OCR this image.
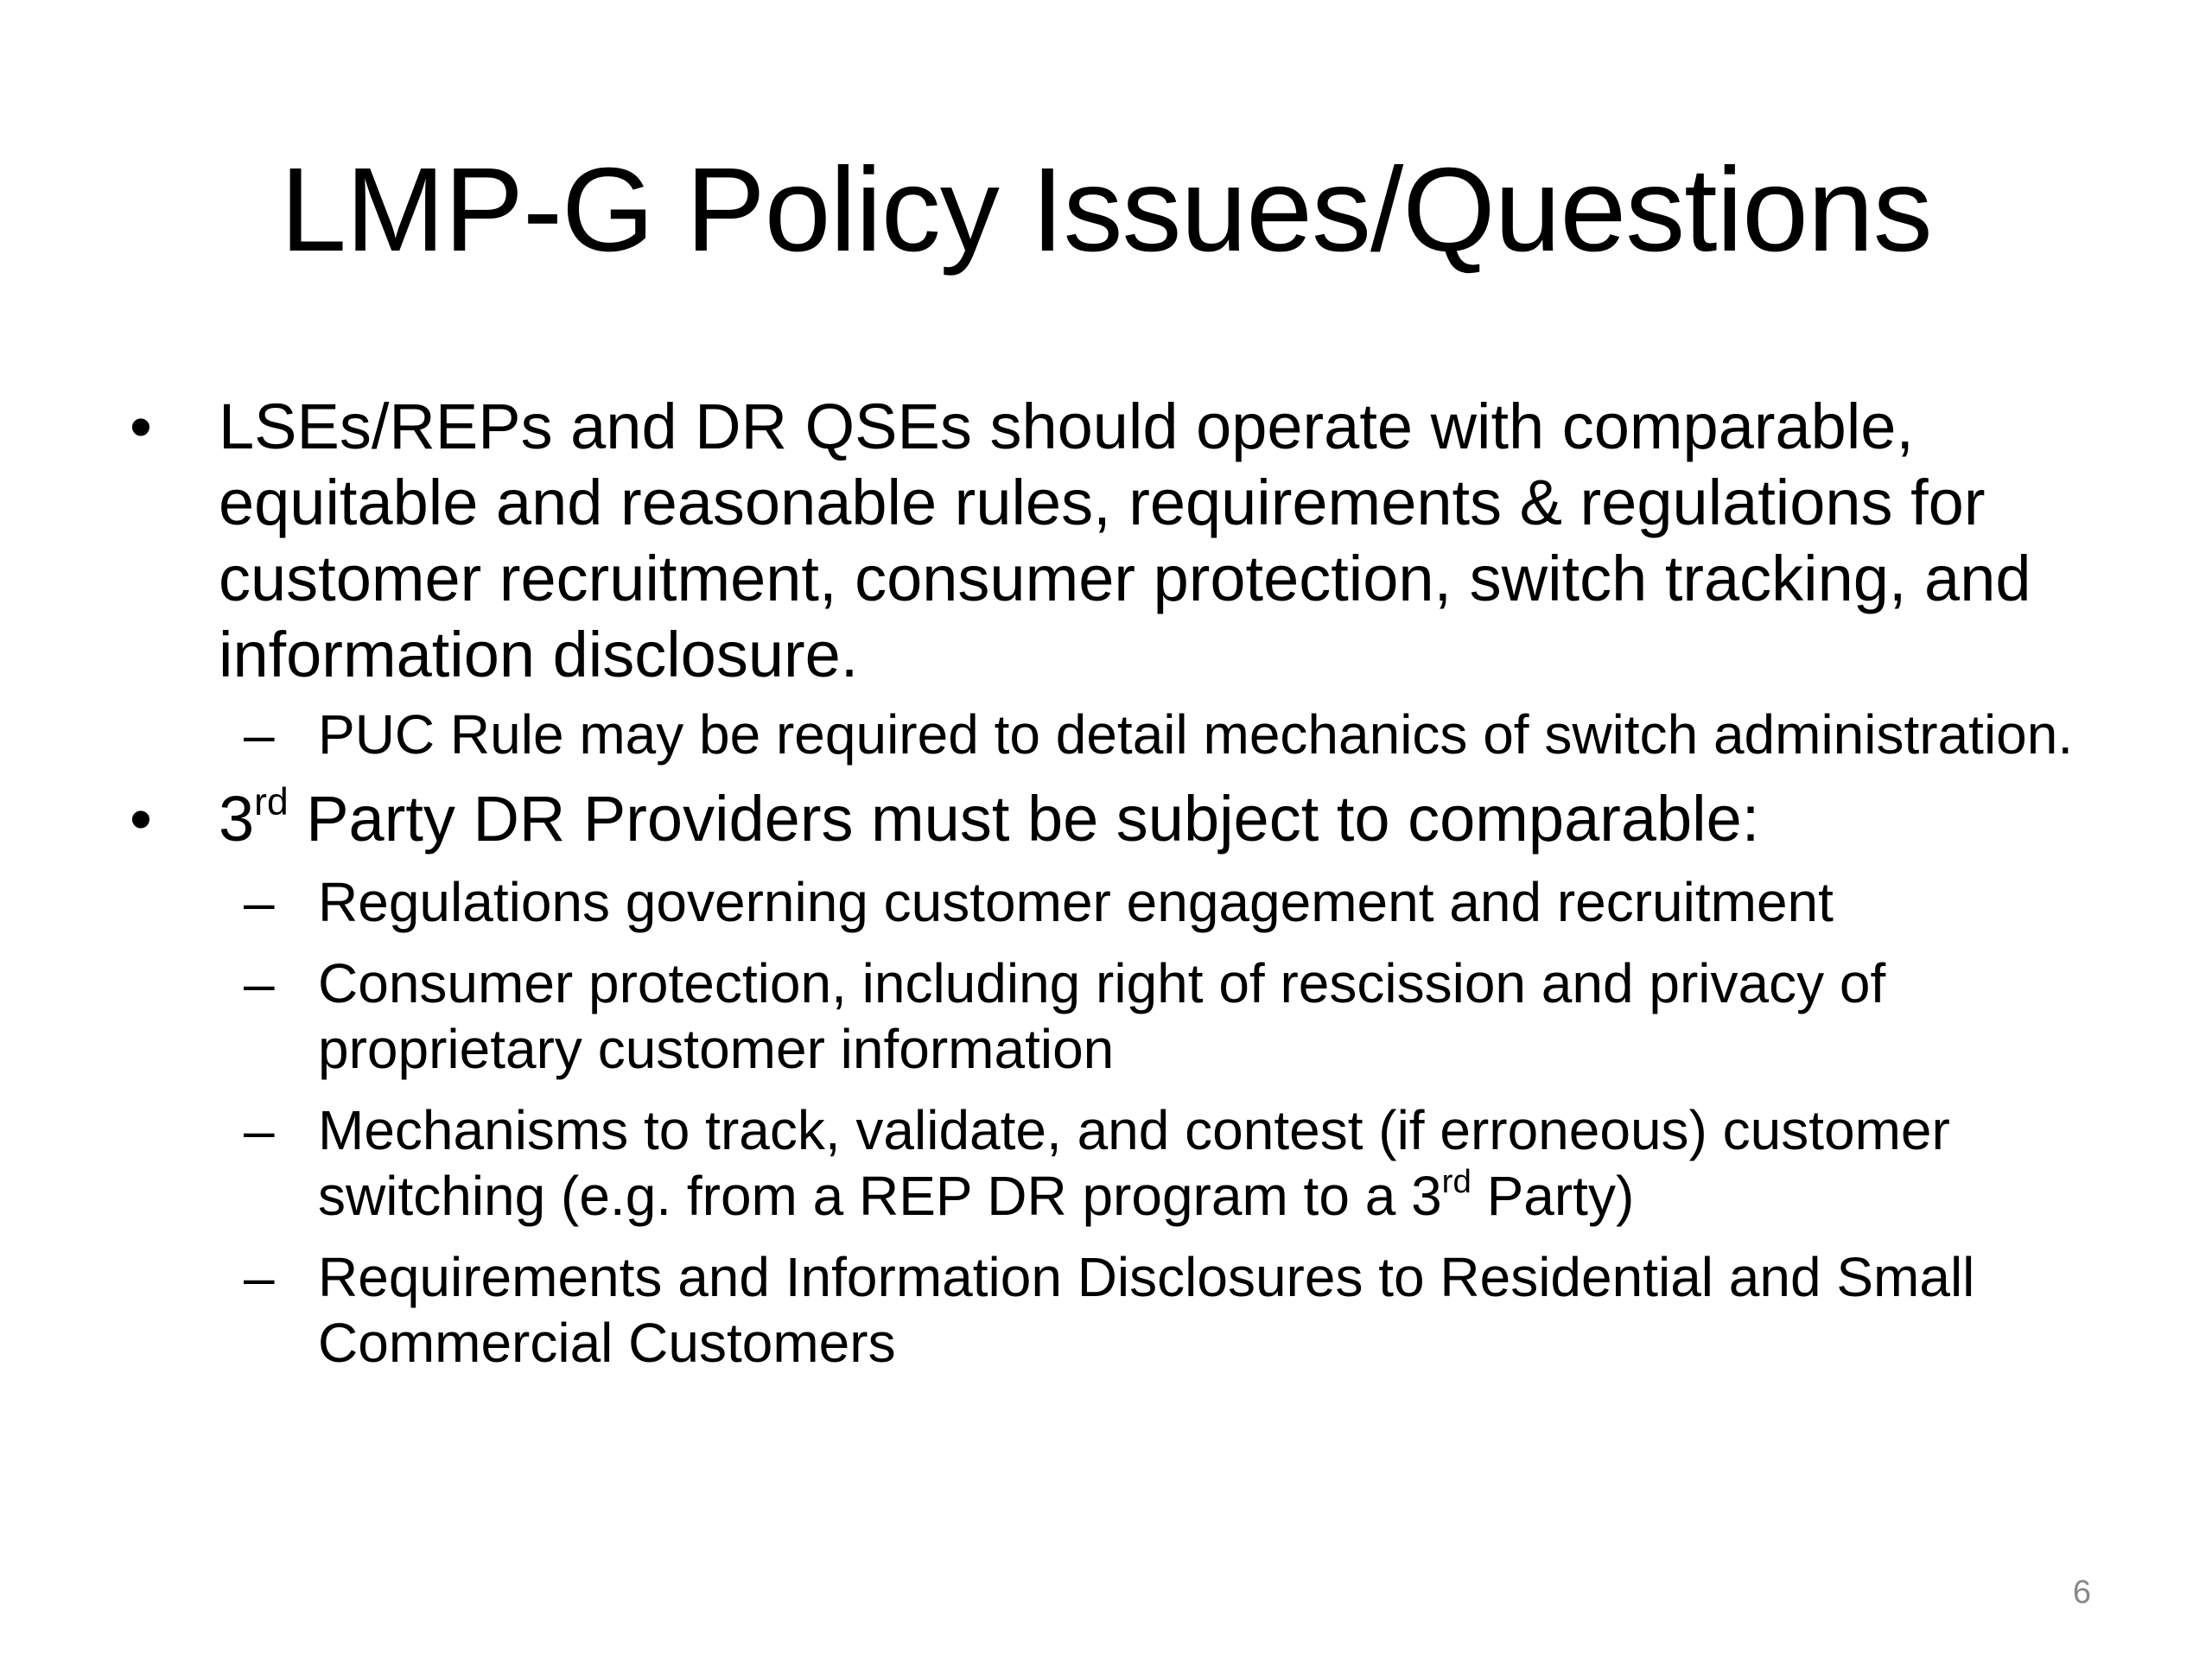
LMP-G Policy Issues/Questions
•	LSEs/REPs and DR QSEs should operate with comparable, equitable and reasonable rules, requirements & regulations for customer recruitment, consumer protection, switch tracking, and information disclosure.
– PUC Rule may be required to detail mechanics of switch administration.
•	3rd Party DR Providers must be subject to comparable:
– Regulations governing customer engagement and recruitment
– Consumer protection, including right of rescission and privacy of proprietary customer information
– Mechanisms to track, validate, and contest (if erroneous) customer switching (e.g. from a REP DR program to a 3rd Party)
– Requirements and Information Disclosures to Residential and Small Commercial Customers
6
